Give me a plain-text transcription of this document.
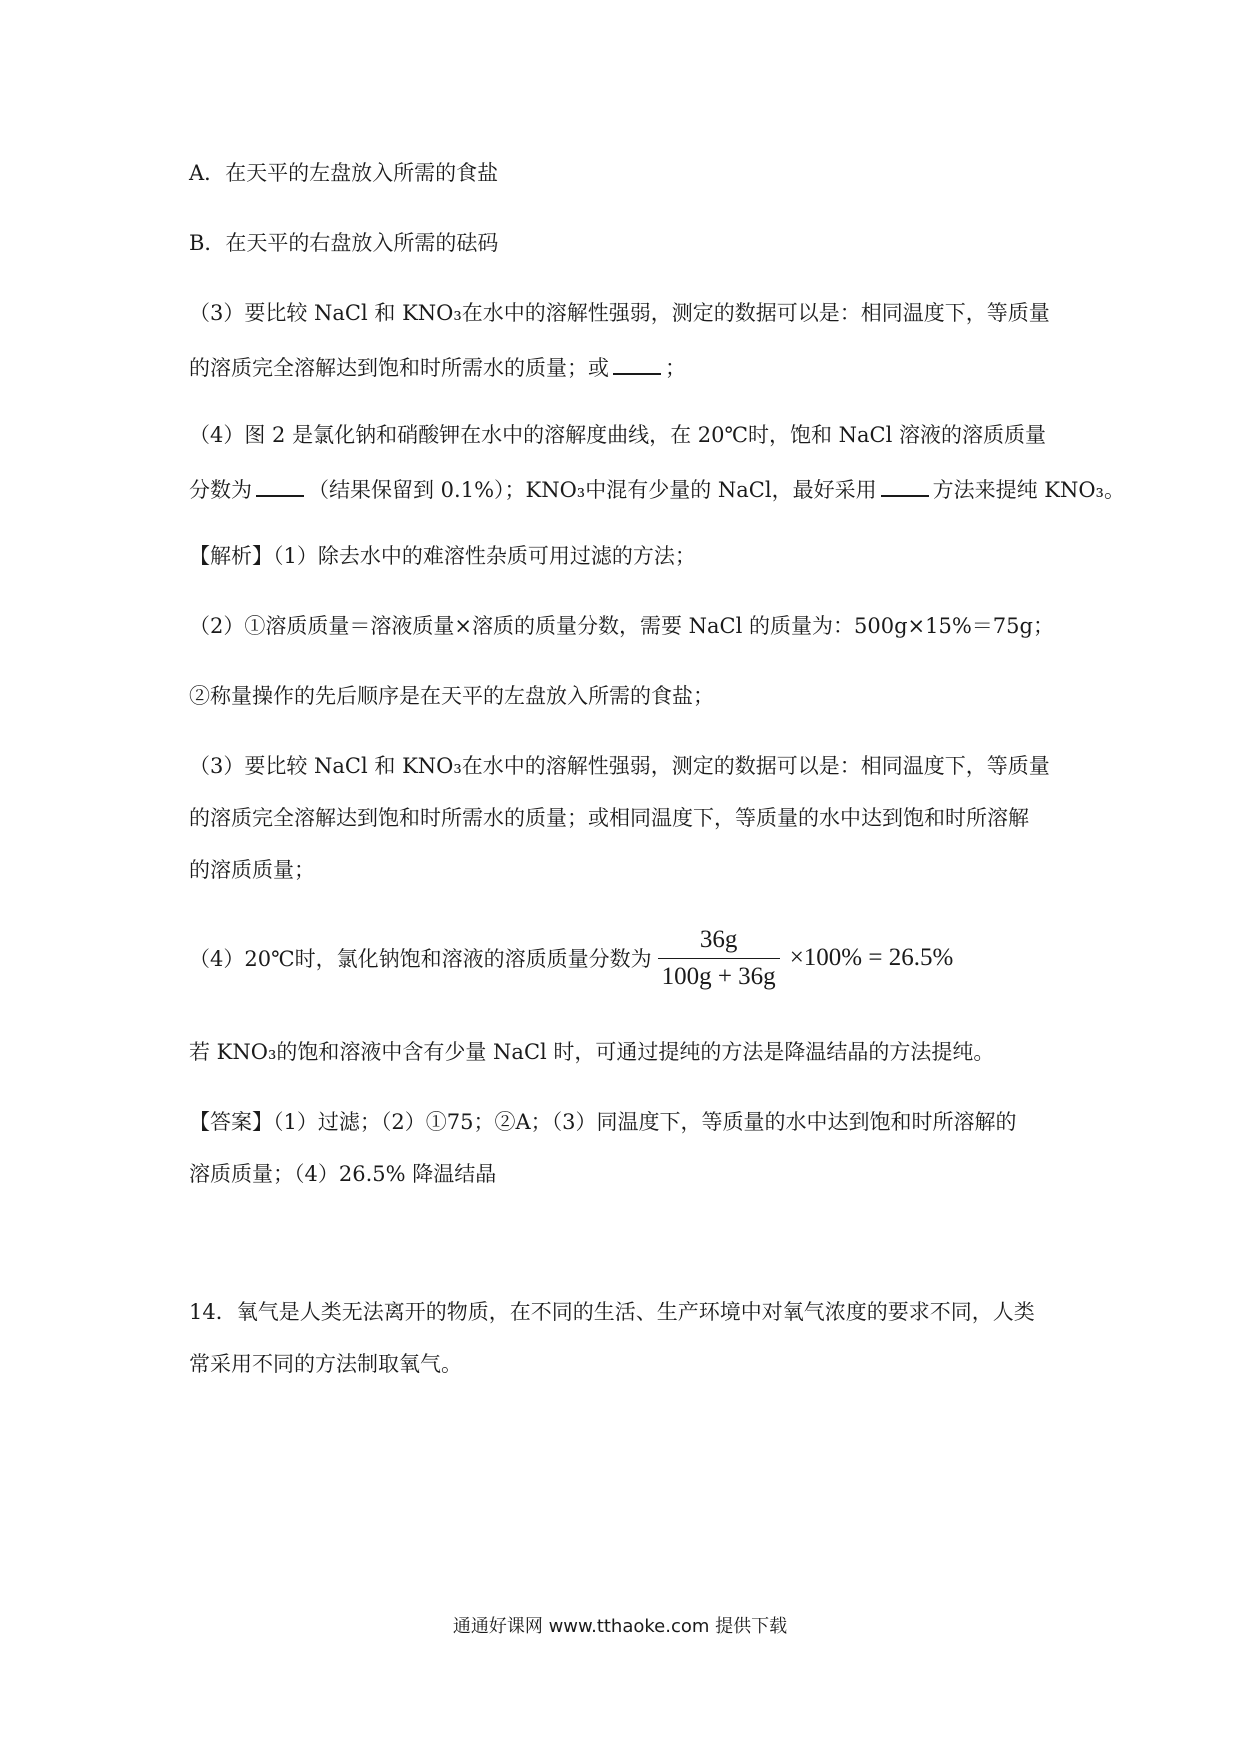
A．在天平的左盘放入所需的食盐
B．在天平的右盘放入所需的砝码
（3）要比较 NaCl 和 KNO₃在水中的溶解性强弱，测定的数据可以是：相同温度下，等质量
的溶质完全溶解达到饱和时所需水的质量；或	；
（4）图 2 是氯化钠和硝酸钾在水中的溶解度曲线，在 20℃时，饱和 NaCl 溶液的溶质质量
分数为	（结果保留到 0.1%）；KNO₃中混有少量的 NaCl，最好采用	方法来提纯 KNO₃。
【解析】（1）除去水中的难溶性杂质可用过滤的方法；
（2）①溶质质量＝溶液质量×溶质的质量分数，需要 NaCl 的质量为：500g×15%＝75g；
②称量操作的先后顺序是在天平的左盘放入所需的食盐；
（3）要比较 NaCl 和 KNO₃在水中的溶解性强弱，测定的数据可以是：相同温度下，等质量
的溶质完全溶解达到饱和时所需水的质量；或相同温度下，等质量的水中达到饱和时所溶解
的溶质质量；
（4）20℃时，氯化钠饱和溶液的溶质质量分数为 $\frac{36g}{100g + 36g} \times 100\% = 26.5\%$
若 KNO₃的饱和溶液中含有少量 NaCl 时，可通过提纯的方法是降温结晶的方法提纯。
【答案】（1）过滤；（2）①75；②A；（3）同温度下，等质量的水中达到饱和时所溶解的
溶质质量；（4）26.5% 降温结晶
14．氧气是人类无法离开的物质，在不同的生活、生产环境中对氧气浓度的要求不同，人类
常采用不同的方法制取氧气。
通通好课网 www.tthaoke.com 提供下载
